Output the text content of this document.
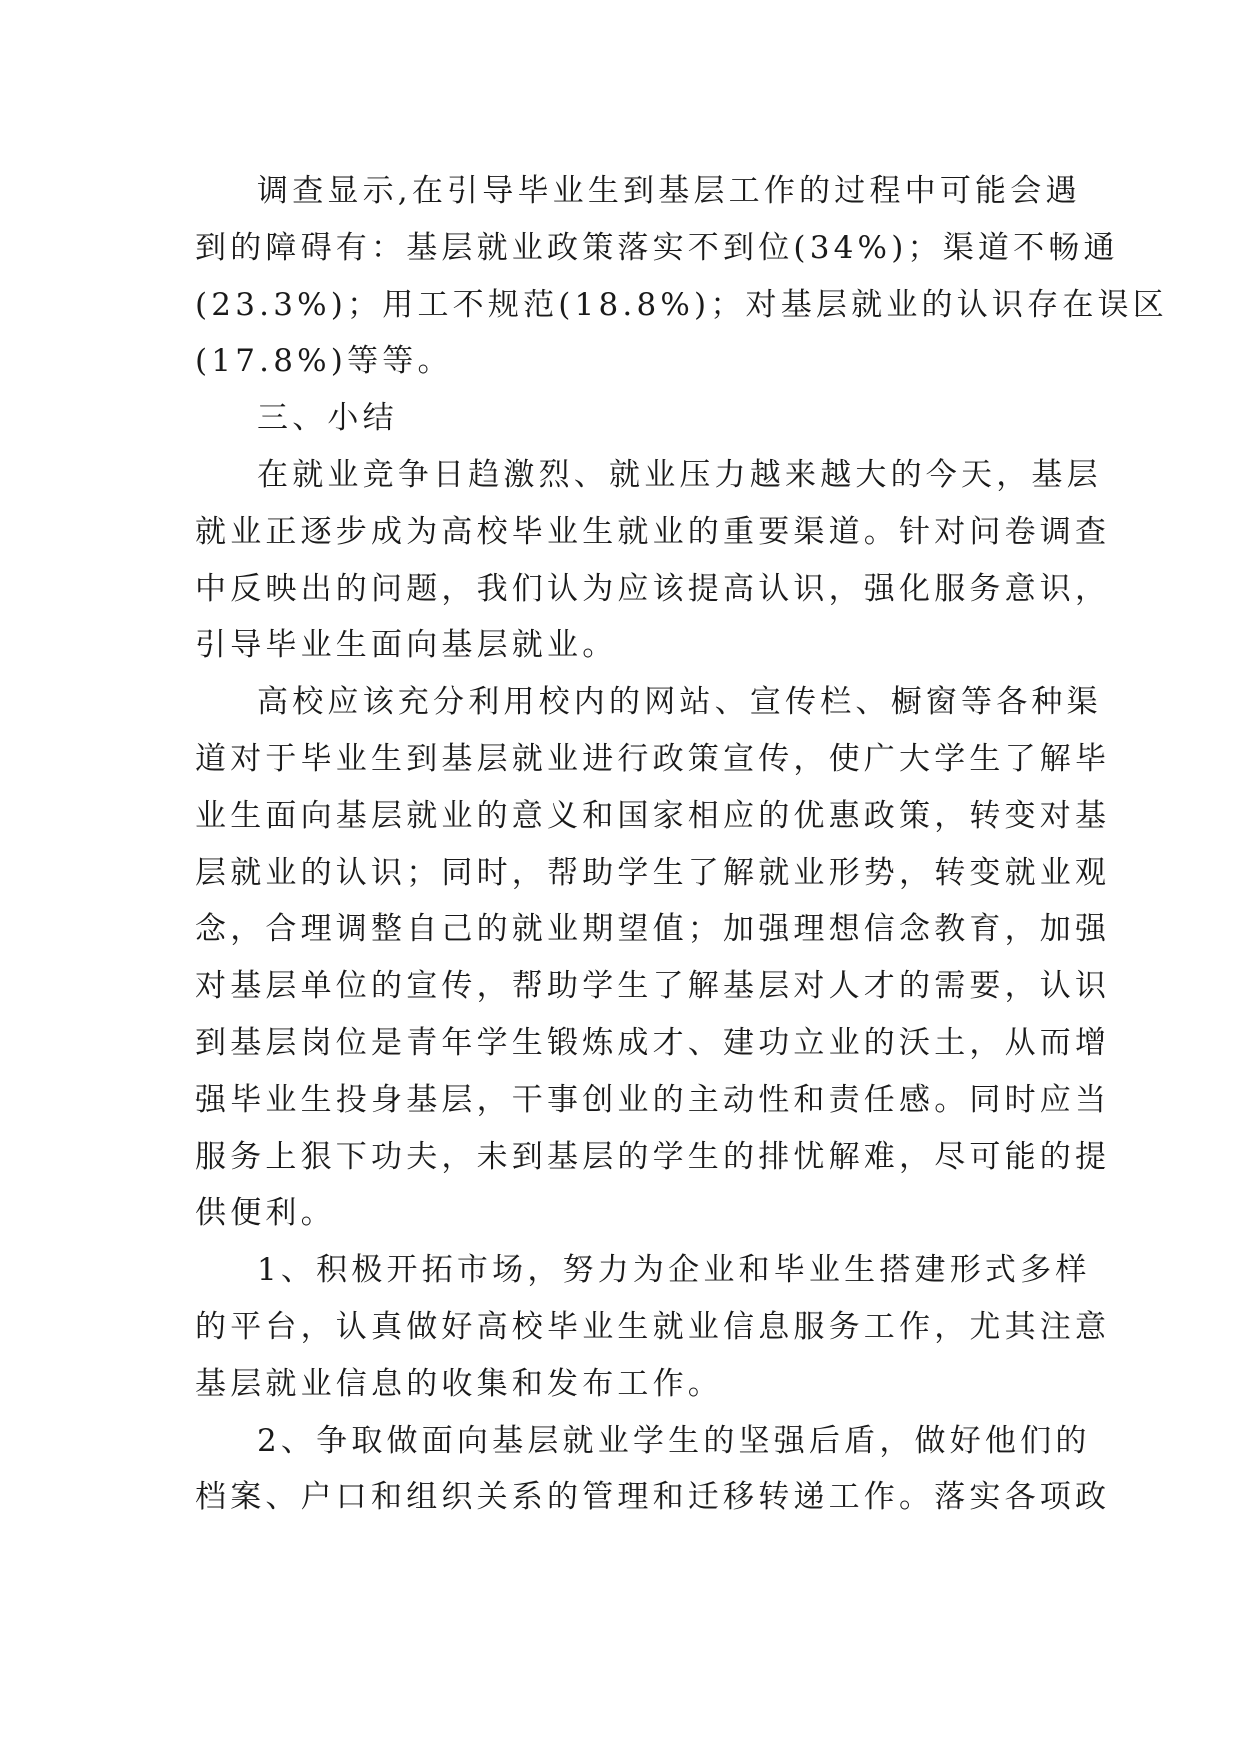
调查显示,在引导毕业生到基层工作的过程中可能会遇
到的障碍有：基层就业政策落实不到位(34%)；渠道不畅通
(23.3%)；用工不规范(18.8%)；对基层就业的认识存在误区
(17.8%)等等。
三、小结
在就业竞争日趋激烈、就业压力越来越大的今天，基层
就业正逐步成为高校毕业生就业的重要渠道。针对问卷调查
中反映出的问题，我们认为应该提高认识，强化服务意识，
引导毕业生面向基层就业。
高校应该充分利用校内的网站、宣传栏、橱窗等各种渠
道对于毕业生到基层就业进行政策宣传，使广大学生了解毕
业生面向基层就业的意义和国家相应的优惠政策，转变对基
层就业的认识；同时，帮助学生了解就业形势，转变就业观
念，合理调整自己的就业期望值；加强理想信念教育，加强
对基层单位的宣传，帮助学生了解基层对人才的需要，认识
到基层岗位是青年学生锻炼成才、建功立业的沃土，从而增
强毕业生投身基层，干事创业的主动性和责任感。同时应当
服务上狠下功夫，未到基层的学生的排忧解难，尽可能的提
供便利。
1、积极开拓市场，努力为企业和毕业生搭建形式多样
的平台，认真做好高校毕业生就业信息服务工作，尤其注意
基层就业信息的收集和发布工作。
2、争取做面向基层就业学生的坚强后盾，做好他们的
档案、户口和组织关系的管理和迁移转递工作。落实各项政
